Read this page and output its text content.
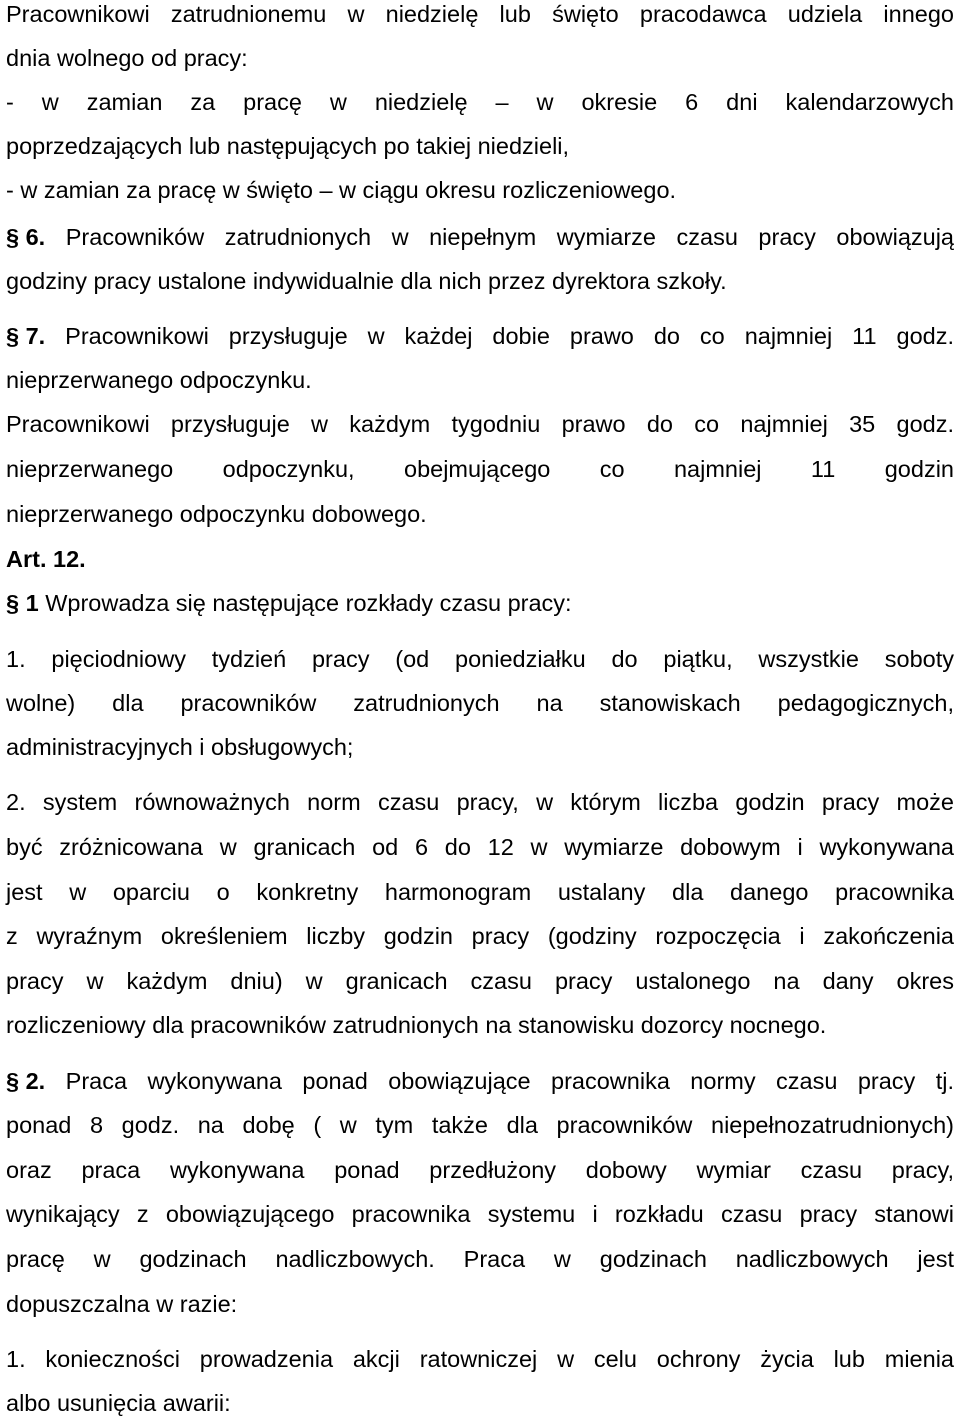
Pracownikowi zatrudnionemu w niedzielę lub święto pracodawca udziela innego
dnia wolnego od pracy:
- w zamian za pracę w niedzielę – w okresie 6 dni kalendarzowych
poprzedzających lub następujących po takiej niedzieli,
- w zamian za pracę w święto – w ciągu okresu rozliczeniowego.
§ 6. Pracowników zatrudnionych w niepełnym wymiarze czasu pracy obowiązują
godziny pracy ustalone indywidualnie dla nich przez dyrektora szkoły.
§ 7. Pracownikowi przysługuje w każdej dobie prawo do co najmniej 11 godz.
nieprzerwanego odpoczynku.
Pracownikowi przysługuje w każdym tygodniu prawo do co najmniej 35 godz.
nieprzerwanego odpoczynku, obejmującego co najmniej 11 godzin
nieprzerwanego odpoczynku dobowego.
Art. 12.
§ 1 Wprowadza się następujące rozkłady czasu pracy:
1. pięciodniowy tydzień pracy (od poniedziałku do piątku, wszystkie soboty
wolne) dla pracowników zatrudnionych na stanowiskach pedagogicznych,
administracyjnych i obsługowych;
2. system równoważnych norm czasu pracy, w którym liczba godzin pracy może
być zróżnicowana w granicach od 6 do 12 w wymiarze dobowym i wykonywana
jest w oparciu o konkretny harmonogram ustalany dla danego pracownika
z wyraźnym określeniem liczby godzin pracy (godziny rozpoczęcia i zakończenia
pracy w każdym dniu) w granicach czasu pracy ustalonego na dany okres
rozliczeniowy dla pracowników zatrudnionych na stanowisku dozorcy nocnego.
§ 2. Praca wykonywana ponad obowiązujące pracownika normy czasu pracy tj.
ponad 8 godz. na dobę ( w tym także dla pracowników niepełnozatrudnionych)
oraz praca wykonywana ponad przedłużony dobowy wymiar czasu pracy,
wynikający z obowiązującego pracownika systemu i rozkładu czasu pracy stanowi
pracę w godzinach nadliczbowych. Praca w godzinach nadliczbowych jest
dopuszczalna w razie:
1. konieczności prowadzenia akcji ratowniczej w celu ochrony życia lub mienia
albo usunięcia awarii:
